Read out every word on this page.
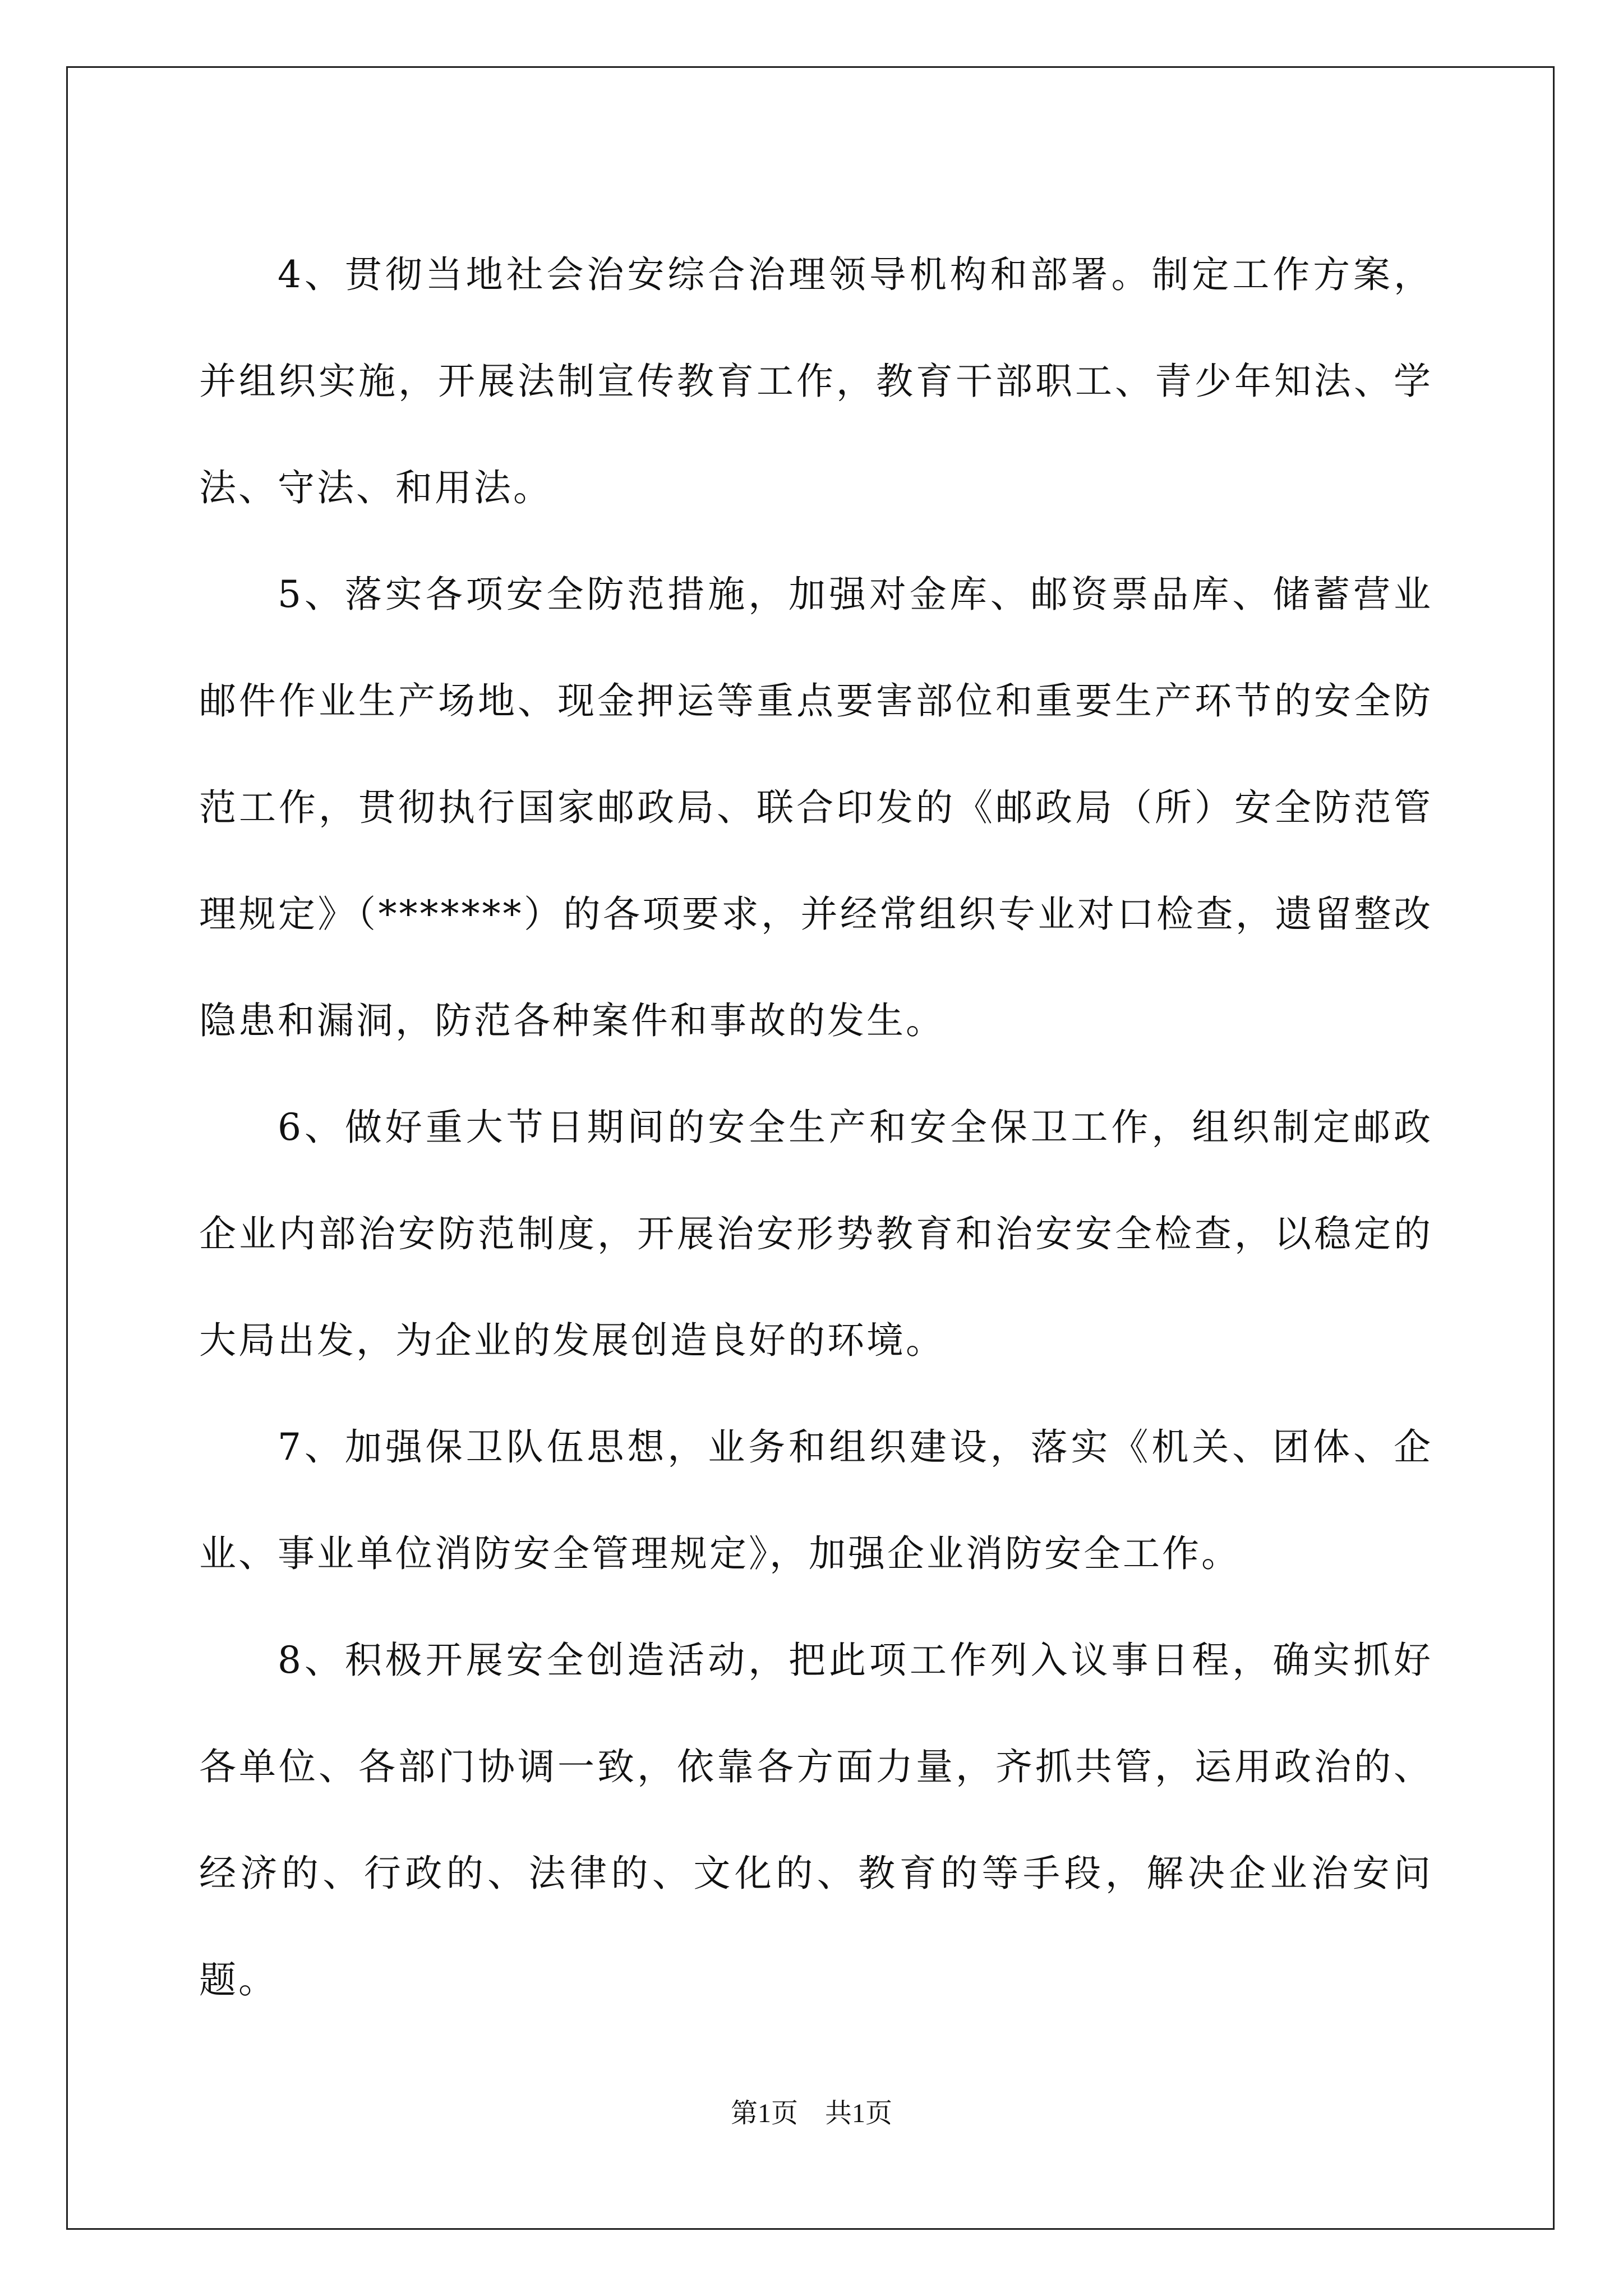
4、贯彻当地社会治安综合治理领导机构和部署。制定工作方案，并组织实施，开展法制宣传教育工作，教育干部职工、青少年知法、学法、守法、和用法。

5、落实各项安全防范措施，加强对金库、邮资票品库、储蓄营业邮件作业生产场地、现金押运等重点要害部位和重要生产环节的安全防范工作，贯彻执行国家邮政局、联合印发的《邮政局（所）安全防范管理规定》（*******）的各项要求，并经常组织专业对口检查，遗留整改隐患和漏洞，防范各种案件和事故的发生。

6、做好重大节日期间的安全生产和安全保卫工作，组织制定邮政企业内部治安防范制度，开展治安形势教育和治安安全检查，以稳定的大局出发，为企业的发展创造良好的环境。

7、加强保卫队伍思想，业务和组织建设，落实《机关、团体、企业、事业单位消防安全管理规定》，加强企业消防安全工作。

8、积极开展安全创造活动，把此项工作列入议事日程，确实抓好各单位、各部门协调一致，依靠各方面力量，齐抓共管，运用政治的、经济的、行政的、法律的、文化的、教育的等手段，解决企业治安问题。

第1页　共1页
